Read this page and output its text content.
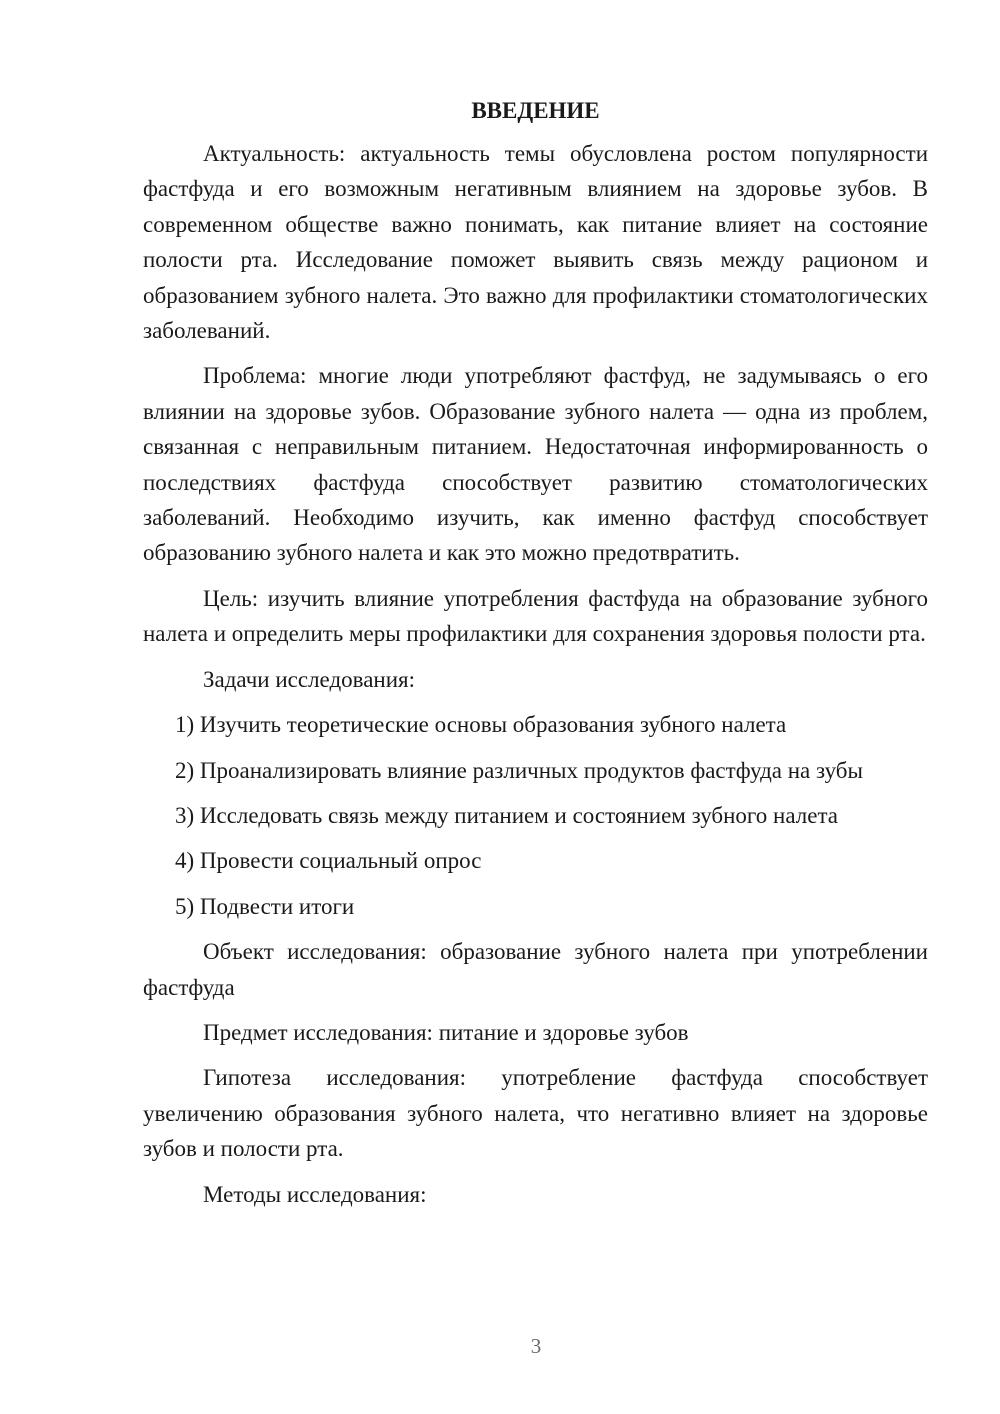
ВВЕДЕНИЕ

Актуальность: актуальность темы обусловлена ростом популярности фастфуда и его возможным негативным влиянием на здоровье зубов. В современном обществе важно понимать, как питание влияет на состояние полости рта. Исследование поможет выявить связь между рационом и образованием зубного налета. Это важно для профилактики стоматологических заболеваний.

Проблема: многие люди употребляют фастфуд, не задумываясь о его влиянии на здоровье зубов. Образование зубного налета — одна из проблем, связанная с неправильным питанием. Недостаточная информированность о последствиях фастфуда способствует развитию стоматологических заболеваний. Необходимо изучить, как именно фастфуд способствует образованию зубного налета и как это можно предотвратить.

Цель: изучить влияние употребления фастфуда на образование зубного налета и определить меры профилактики для сохранения здоровья полости рта.

Задачи исследования:

1) Изучить теоретические основы образования зубного налета
2) Проанализировать влияние различных продуктов фастфуда на зубы
3) Исследовать связь между питанием и состоянием зубного налета
4) Провести социальный опрос
5) Подвести итоги

Объект исследования: образование зубного налета при употреблении фастфуда

Предмет исследования: питание и здоровье зубов

Гипотеза исследования: употребление фастфуда способствует увеличению образования зубного налета, что негативно влияет на здоровье зубов и полости рта.

Методы исследования:

3
